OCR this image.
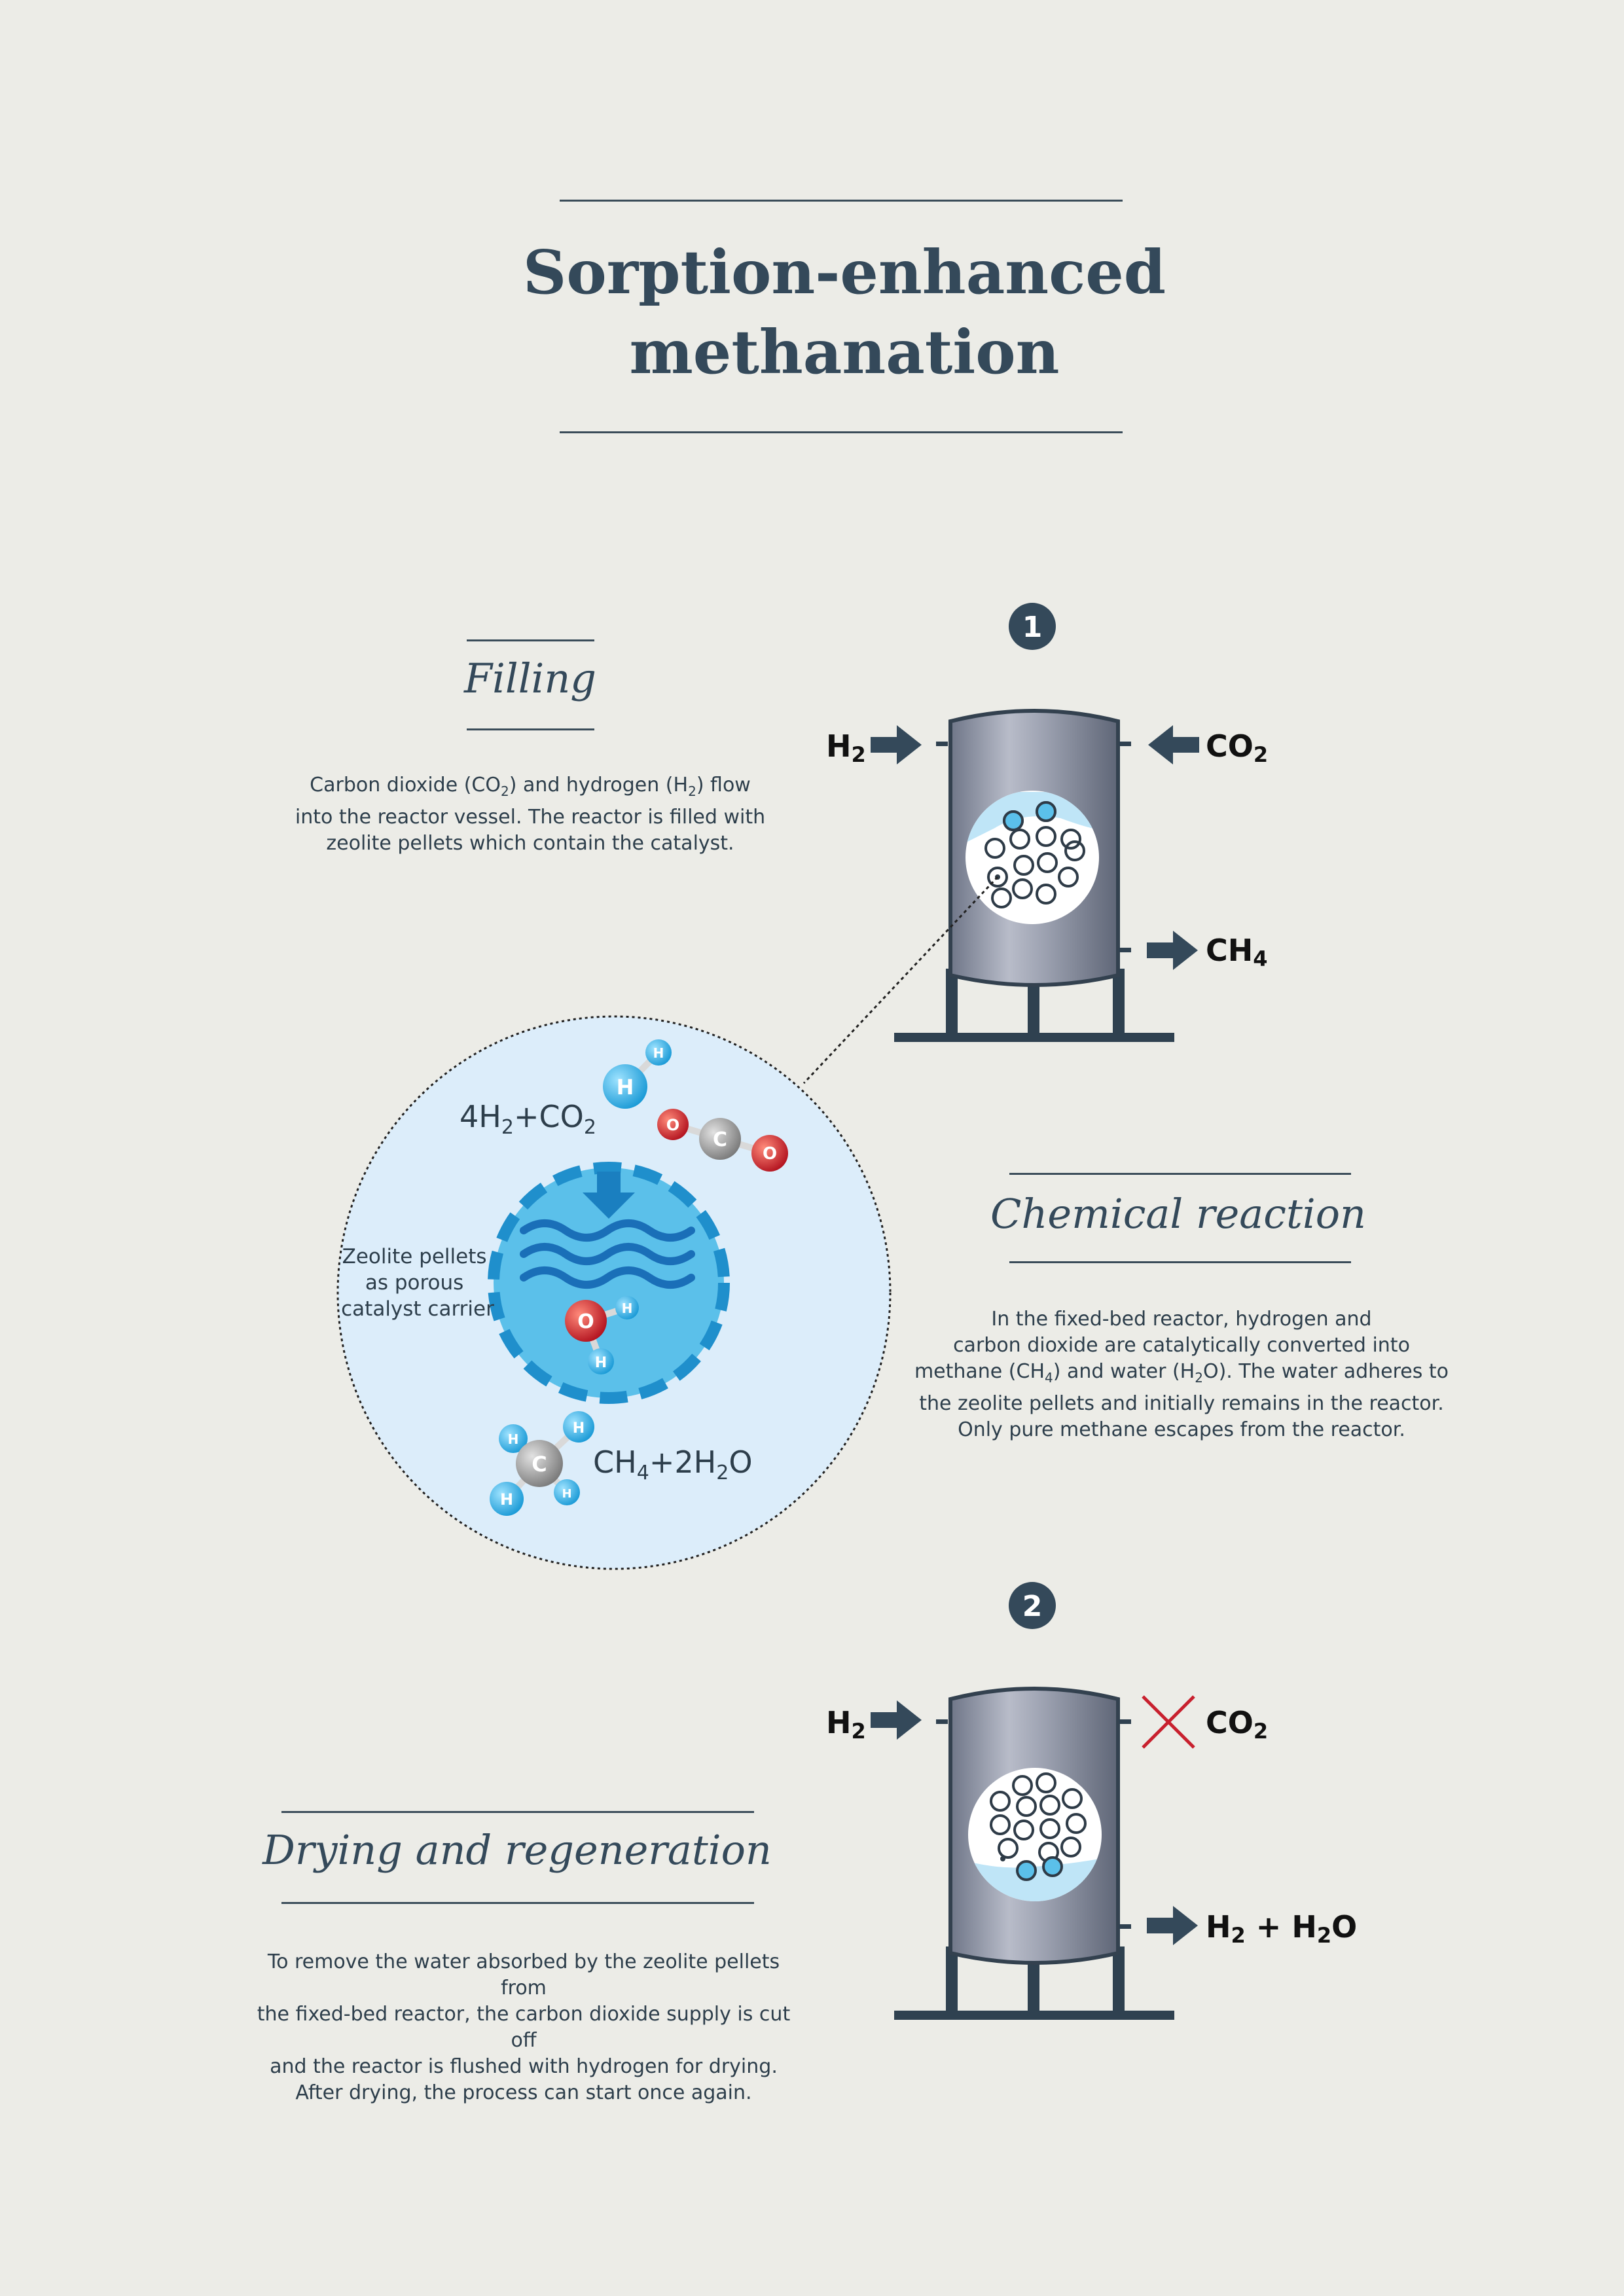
Sorption-enhanced
methanation
Filling
Carbon dioxide $(CO_2)$ and hydrogen $(H_2)$ flow
into the reactor vessel. The reactor is filled with
zeolite pellets which contain the catalyst.
Chemical reaction
In the fixed-bed reactor, hydrogen and
carbon dioxide are catalytically converted into
methane $(CH_4)$ and water $(H_2O)$. The water adheres to
the zeolite pellets and initially remains in the reactor.
Only pure methane escapes from the reactor.
Drying and regeneration
To remove the water absorbed by the zeolite pellets from
the fixed-bed reactor, the carbon dioxide supply is cut off
and the reactor is flushed with hydrogen for drying.
After drying, the process can start once again.
1
H2	CO2
CH4
O
H
H
H
H
O
C
O
C
H
H
H
H
$4H_2+CO_2$
$CH_4+2H_2O$
Zeolite pellets as porous catalyst carrier
2
H2	CO2
H2 + H2O
